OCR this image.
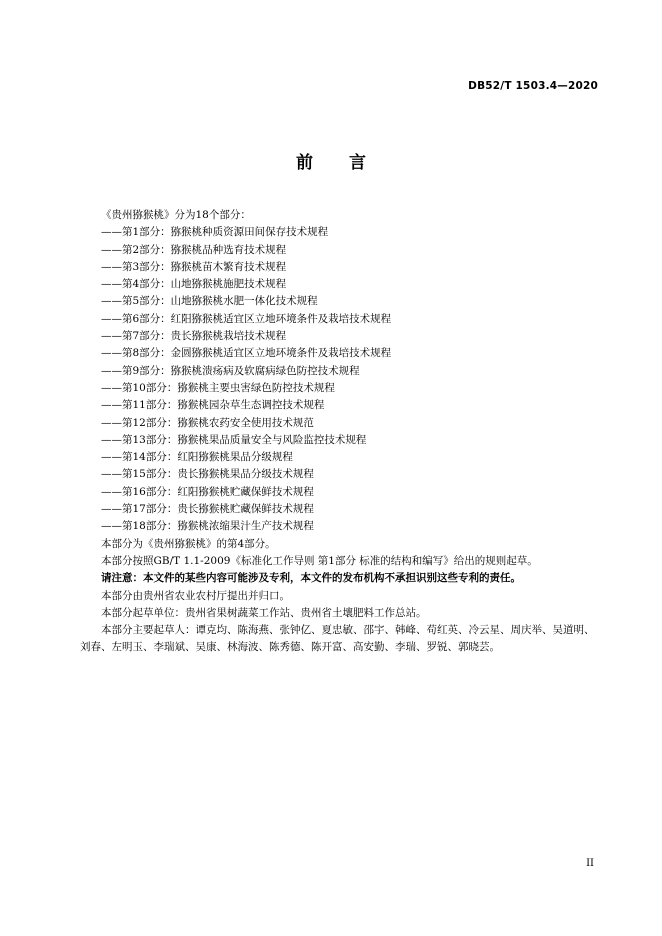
DB52/T 1503.4—2020
前言
《贵州猕猴桃》分为18个部分：
——第1部分：猕猴桃种质资源田间保存技术规程
——第2部分：猕猴桃品种选育技术规程
——第3部分：猕猴桃苗木繁育技术规程
——第4部分：山地猕猴桃施肥技术规程
——第5部分：山地猕猴桃水肥一体化技术规程
——第6部分：红阳猕猴桃适宜区立地环境条件及栽培技术规程
——第7部分：贵长猕猴桃栽培技术规程
——第8部分：金圆猕猴桃适宜区立地环境条件及栽培技术规程
——第9部分：猕猴桃溃疡病及软腐病绿色防控技术规程
——第10部分：猕猴桃主要虫害绿色防控技术规程
——第11部分：猕猴桃园杂草生态调控技术规程
——第12部分：猕猴桃农药安全使用技术规范
——第13部分：猕猴桃果品质量安全与风险监控技术规程
——第14部分：红阳猕猴桃果品分级规程
——第15部分：贵长猕猴桃果品分级技术规程
——第16部分：红阳猕猴桃贮藏保鲜技术规程
——第17部分：贵长猕猴桃贮藏保鲜技术规程
——第18部分：猕猴桃浓缩果汁生产技术规程
本部分为《贵州猕猴桃》的第4部分。
本部分按照GB/T 1.1-2009《标准化工作导则 第1部分 标准的结构和编写》给出的规则起草。
请注意：本文件的某些内容可能涉及专利，本文件的发布机构不承担识别这些专利的责任。
本部分由贵州省农业农村厅提出并归口。
本部分起草单位：贵州省果树蔬菜工作站、贵州省土壤肥料工作总站。
本部分主要起草人：谭克均、陈海燕、张钟亿、夏忠敏、邵宇、韩峰、苟红英、冷云星、周庆举、吴道明、刘春、左明玉、李瑞斌、吴康、林海波、陈秀德、陈开富、高安勤、李瑞、罗锐、郭晓芸。
II
